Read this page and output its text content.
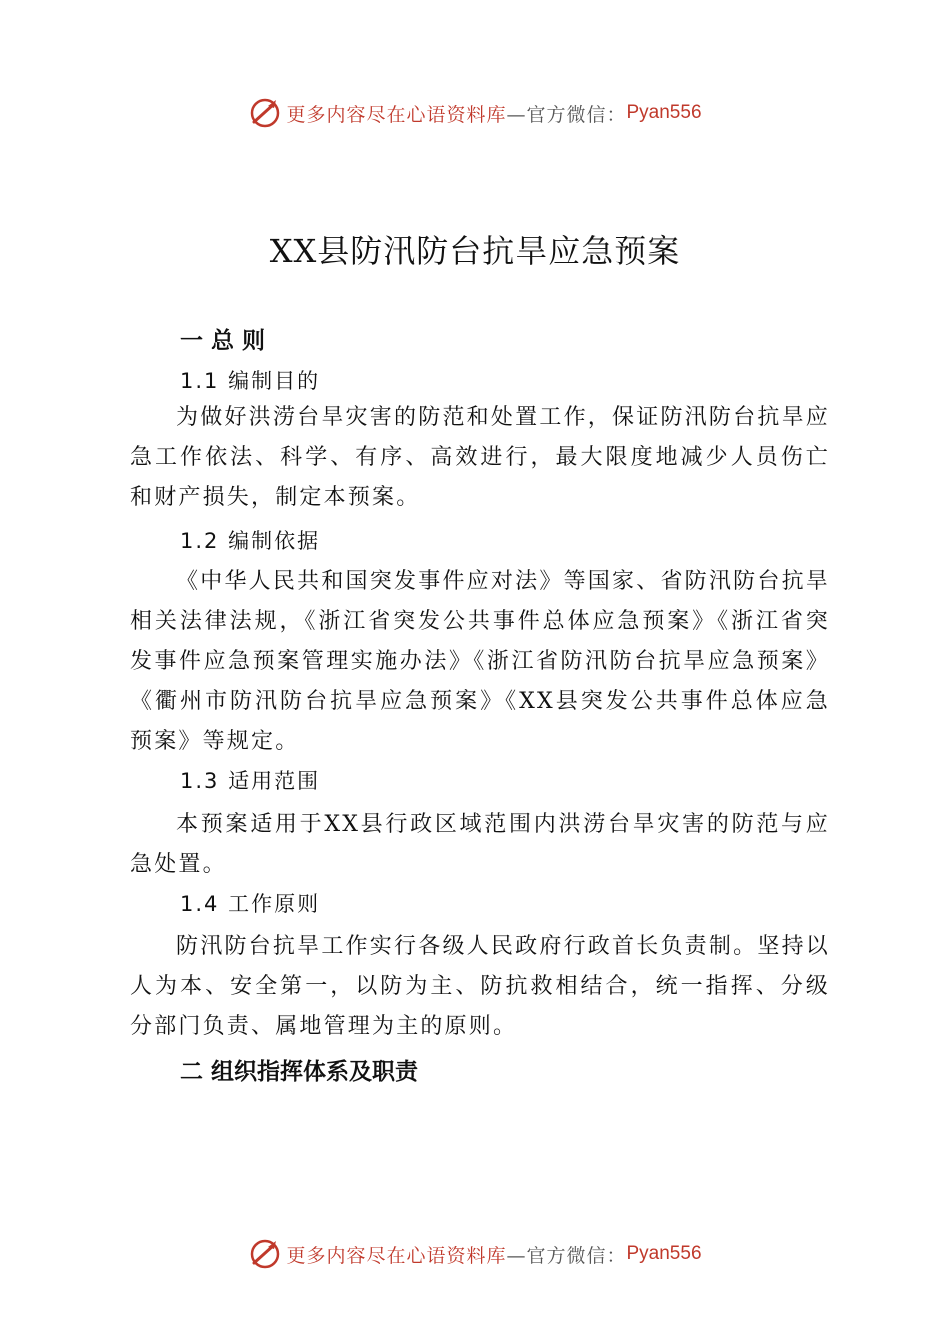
更多内容尽在心语资料库 —官方微信： Pyan556
XX县防汛防台抗旱应急预案
一 总 则
1.1 编制目的

为做好洪涝台旱灾害的防范和处置工作，保证防汛防台抗旱应急工作依法、科学、有序、高效进行，最大限度地减少人员伤亡和财产损失，制定本预案。

1.2 编制依据

《中华人民共和国突发事件应对法》等国家、省防汛防台抗旱相关法律法规，《浙江省突发公共事件总体应急预案》《浙江省突发事件应急预案管理实施办法》《浙江省防汛防台抗旱应急预案》《衢州市防汛防台抗旱应急预案》《XX县突发公共事件总体应急预案》等规定。

1.3 适用范围

本预案适用于XX县行政区域范围内洪涝台旱灾害的防范与应急处置。

1.4 工作原则

防汛防台抗旱工作实行各级人民政府行政首长负责制。坚持以人为本、安全第一，以防为主、防抗救相结合，统一指挥、分级分部门负责、属地管理为主的原则。

二 组织指挥体系及职责
更多内容尽在心语资料库 —官方微信： Pyan556
